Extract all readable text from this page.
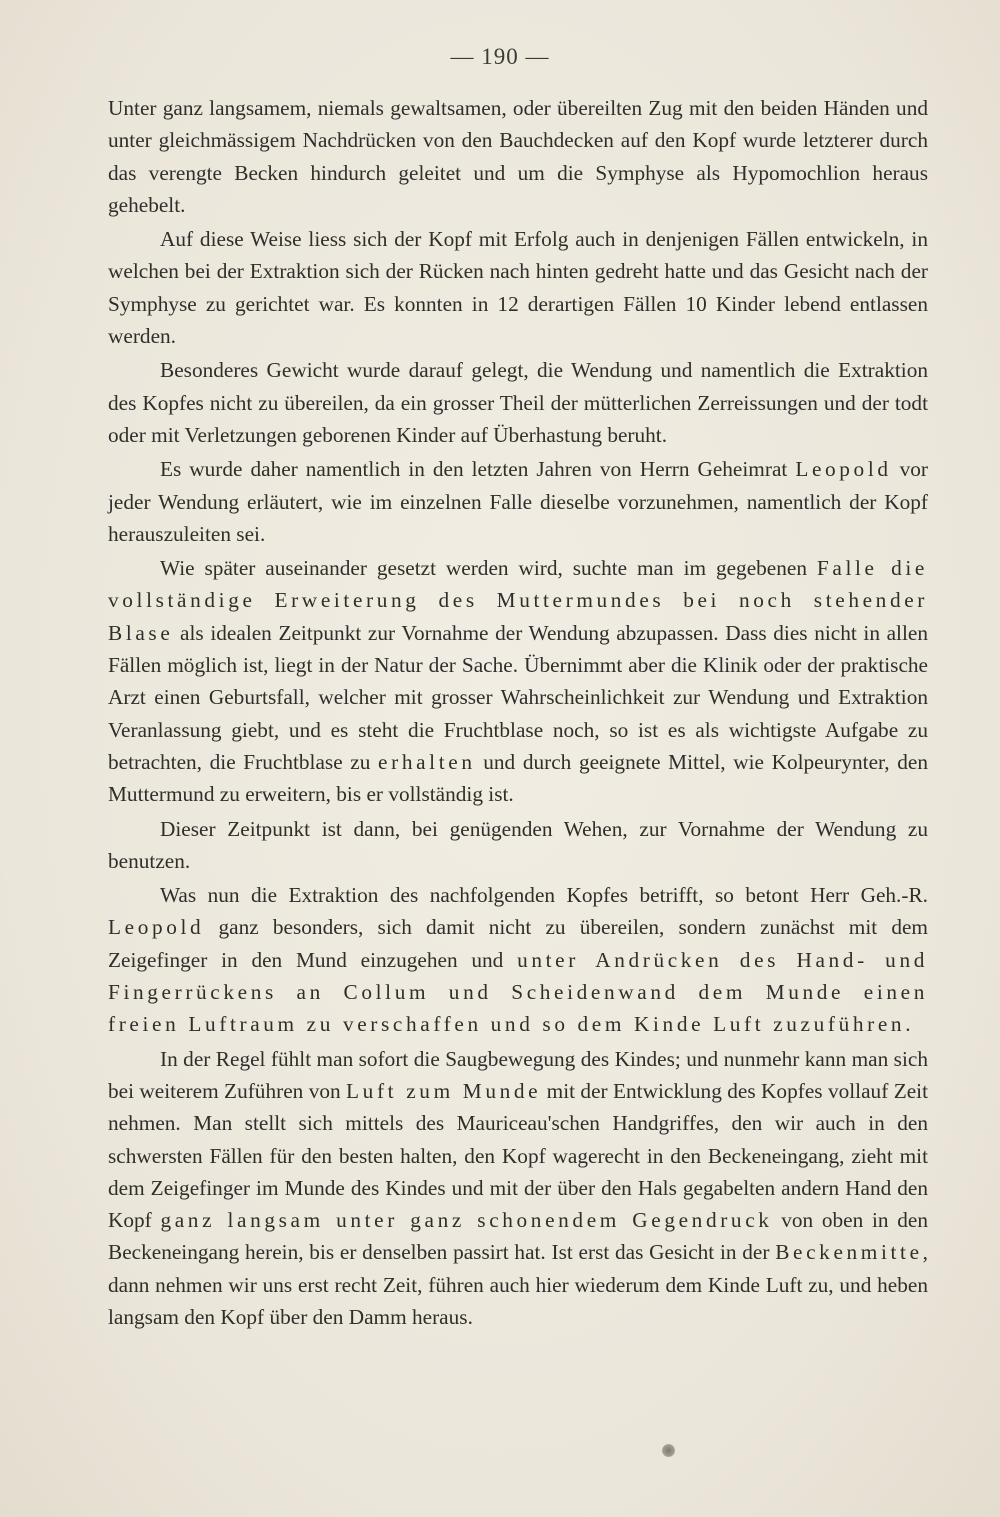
— 190 —

Unter ganz langsamem, niemals gewaltsamen, oder übereilten Zug mit den beiden Händen und unter gleichmässigem Nachdrücken von den Bauchdecken auf den Kopf wurde letzterer durch das verengte Becken hindurch geleitet und um die Symphyse als Hypomochlion heraus gehebelt.

Auf diese Weise liess sich der Kopf mit Erfolg auch in denjenigen Fällen entwickeln, in welchen bei der Extraktion sich der Rücken nach hinten gedreht hatte und das Gesicht nach der Symphyse zu gerichtet war. Es konnten in 12 derartigen Fällen 10 Kinder lebend entlassen werden.

Besonderes Gewicht wurde darauf gelegt, die Wendung und namentlich die Extraktion des Kopfes nicht zu übereilen, da ein grosser Theil der mütterlichen Zerreissungen und der todt oder mit Verletzungen geborenen Kinder auf Überhastung beruht.

Es wurde daher namentlich in den letzten Jahren von Herrn Geheimrat Leopold vor jeder Wendung erläutert, wie im einzelnen Falle dieselbe vorzunehmen, namentlich der Kopf herauszuleiten sei.

Wie später auseinander gesetzt werden wird, suchte man im gegebenen Falle die vollständige Erweiterung des Muttermundes bei noch stehender Blase als idealen Zeitpunkt zur Vornahme der Wendung abzupassen. Dass dies nicht in allen Fällen möglich ist, liegt in der Natur der Sache. Übernimmt aber die Klinik oder der praktische Arzt einen Geburtsfall, welcher mit grosser Wahrscheinlichkeit zur Wendung und Extraktion Veranlassung giebt, und es steht die Fruchtblase noch, so ist es als wichtigste Aufgabe zu betrachten, die Fruchtblase zu erhalten und durch geeignete Mittel, wie Kolpeurynter, den Muttermund zu erweitern, bis er vollständig ist.

Dieser Zeitpunkt ist dann, bei genügenden Wehen, zur Vornahme der Wendung zu benutzen.

Was nun die Extraktion des nachfolgenden Kopfes betrifft, so betont Herr Geh.-R. Leopold ganz besonders, sich damit nicht zu übereilen, sondern zunächst mit dem Zeigefinger in den Mund einzugehen und unter Andrücken des Hand- und Fingerrückens an Collum und Scheidenwand dem Munde einen freien Luftraum zu verschaffen und so dem Kinde Luft zuzuführen.

In der Regel fühlt man sofort die Saugbewegung des Kindes; und nunmehr kann man sich bei weiterem Zuführen von Luft zum Munde mit der Entwicklung des Kopfes vollauf Zeit nehmen. Man stellt sich mittels des Mauriceau'schen Handgriffes, den wir auch in den schwersten Fällen für den besten halten, den Kopf wagerecht in den Beckeneingang, zieht mit dem Zeigefinger im Munde des Kindes und mit der über den Hals gegabelten andern Hand den Kopf ganz langsam unter ganz schonendem Gegendruck von oben in den Beckeneingang herein, bis er denselben passirt hat. Ist erst das Gesicht in der Beckenmitte, dann nehmen wir uns erst recht Zeit, führen auch hier wiederum dem Kinde Luft zu, und heben langsam den Kopf über den Damm heraus.
